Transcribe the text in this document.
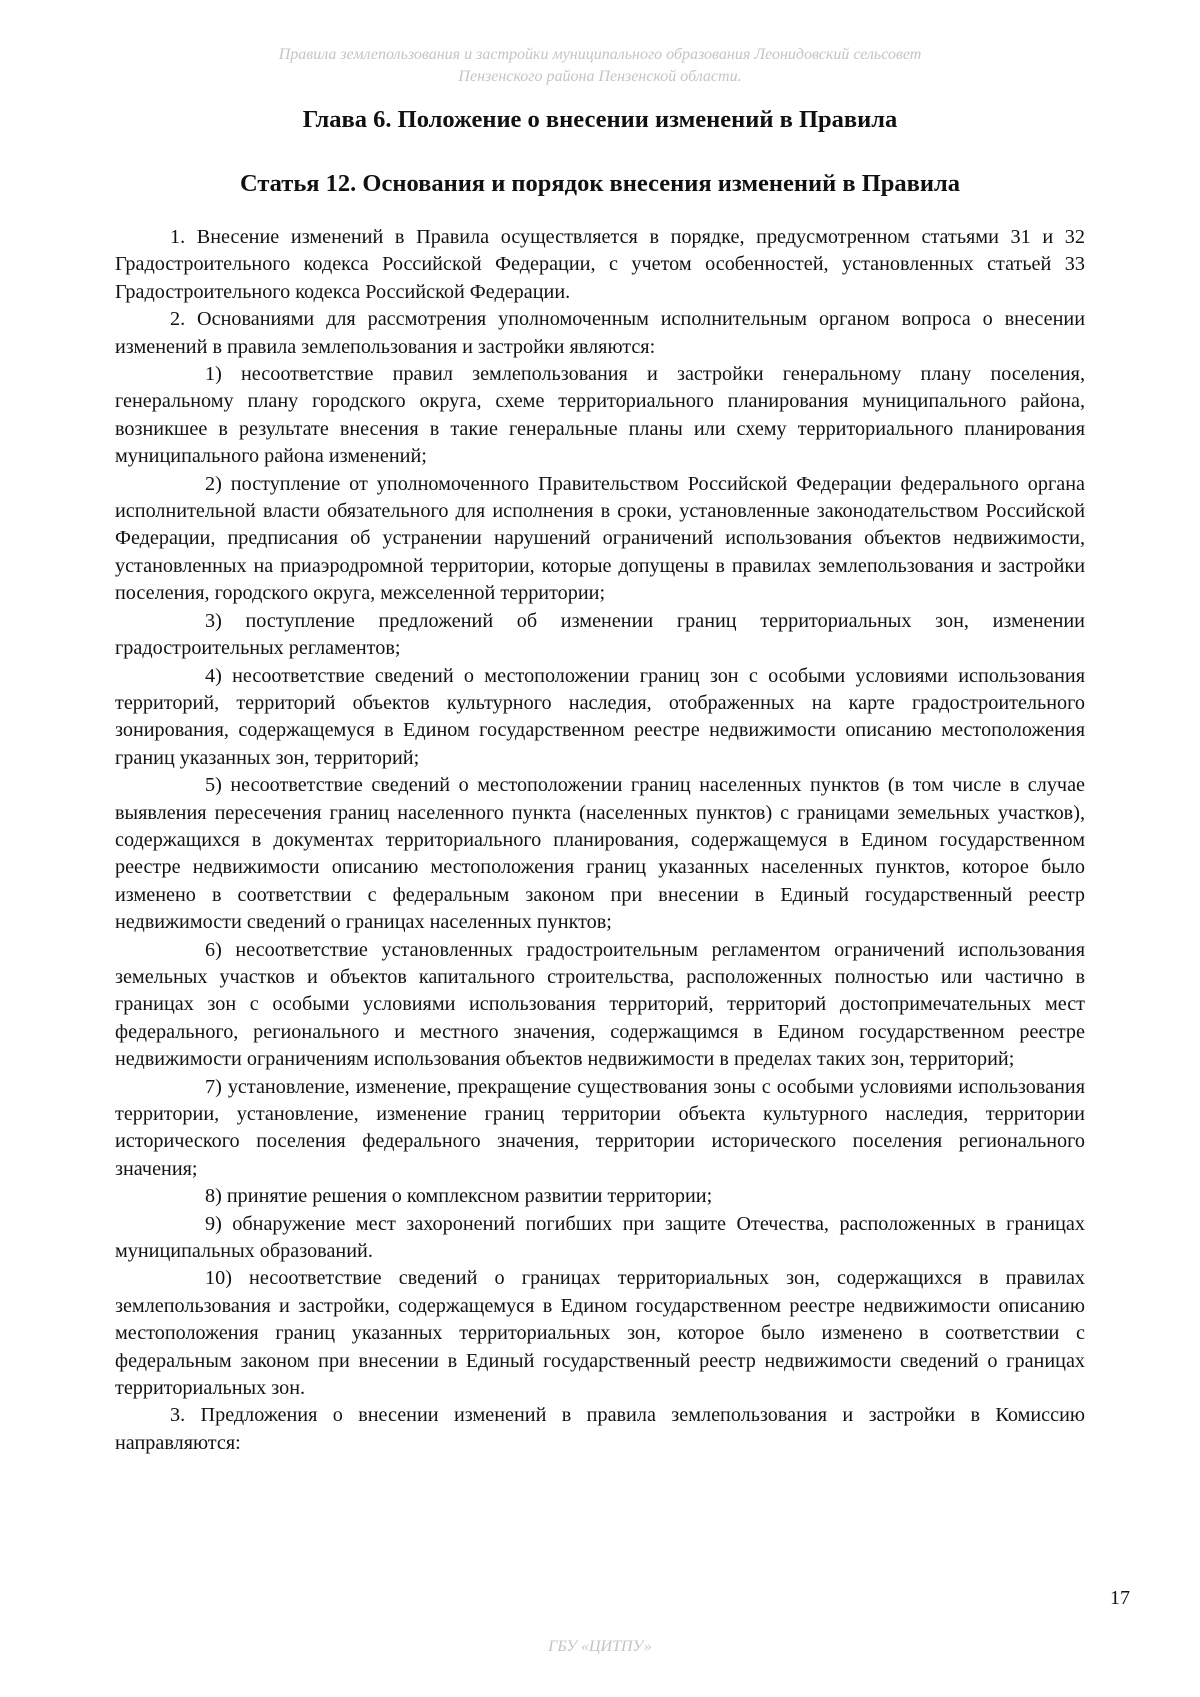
Правила землепользования и застройки муниципального образования Леонидовский сельсовет
Пензенского района Пензенской области.
Глава 6. Положение о внесении изменений в Правила
Статья 12. Основания и порядок внесения изменений в Правила

1. Внесение изменений в Правила осуществляется в порядке, предусмотренном статьями 31 и 32 Градостроительного кодекса Российской Федерации, с учетом особенностей, установленных статьей 33 Градостроительного кодекса Российской Федерации.

2. Основаниями для рассмотрения уполномоченным исполнительным органом вопроса о внесении изменений в правила землепользования и застройки являются:

1) несоответствие правил землепользования и застройки генеральному плану поселения, генеральному плану городского округа, схеме территориального планирования муниципального района, возникшее в результате внесения в такие генеральные планы или схему территориального планирования муниципального района изменений;

2) поступление от уполномоченного Правительством Российской Федерации федерального органа исполнительной власти обязательного для исполнения в сроки, установленные законодательством Российской Федерации, предписания об устранении нарушений ограничений использования объектов недвижимости, установленных на приаэродромной территории, которые допущены в правилах землепользования и застройки поселения, городского округа, межселенной территории;

3) поступление предложений об изменении границ территориальных зон, изменении градостроительных регламентов;

4) несоответствие сведений о местоположении границ зон с особыми условиями использования территорий, территорий объектов культурного наследия, отображенных на карте градостроительного зонирования, содержащемуся в Едином государственном реестре недвижимости описанию местоположения границ указанных зон, территорий;

5) несоответствие сведений о местоположении границ населенных пунктов (в том числе в случае выявления пересечения границ населенного пункта (населенных пунктов) с границами земельных участков), содержащихся в документах территориального планирования, содержащемуся в Едином государственном реестре недвижимости описанию местоположения границ указанных населенных пунктов, которое было изменено в соответствии с федеральным законом при внесении в Единый государственный реестр недвижимости сведений о границах населенных пунктов;

6) несоответствие установленных градостроительным регламентом ограничений использования земельных участков и объектов капитального строительства, расположенных полностью или частично в границах зон с особыми условиями использования территорий, территорий достопримечательных мест федерального, регионального и местного значения, содержащимся в Едином государственном реестре недвижимости ограничениям использования объектов недвижимости в пределах таких зон, территорий;

7) установление, изменение, прекращение существования зоны с особыми условиями использования территории, установление, изменение границ территории объекта культурного наследия, территории исторического поселения федерального значения, территории исторического поселения регионального значения;

8) принятие решения о комплексном развитии территории;

9) обнаружение мест захоронений погибших при защите Отечества, расположенных в границах муниципальных образований.

10) несоответствие сведений о границах территориальных зон, содержащихся в правилах землепользования и застройки, содержащемуся в Едином государственном реестре недвижимости описанию местоположения границ указанных территориальных зон, которое было изменено в соответствии с федеральным законом при внесении в Единый государственный реестр недвижимости сведений о границах территориальных зон.

3. Предложения о внесении изменений в правила землепользования и застройки в Комиссию направляются:

17
ГБУ «ЦИТПУ»
